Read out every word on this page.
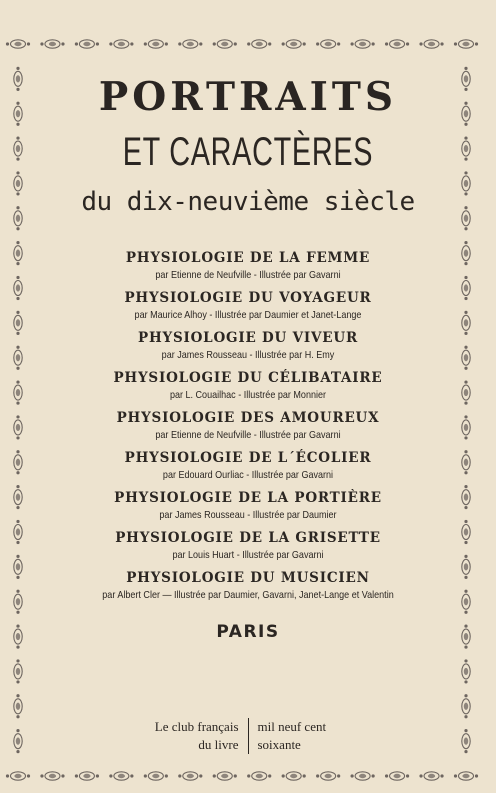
PORTRAITS
ET CARACTÈRES
du dix-neuvième siècle
PHYSIOLOGIE DE LA FEMME
par Etienne de Neufville - Illustrée par Gavarni
PHYSIOLOGIE DU VOYAGEUR
par Maurice Alhoy - Illustrée par Daumier et Janet-Lange
PHYSIOLOGIE DU VIVEUR
par James Rousseau - Illustrée par H. Emy
PHYSIOLOGIE DU CÉLIBATAIRE
par L. Couailhac - Illustrée par Monnier
PHYSIOLOGIE DES AMOUREUX
par Etienne de Neufville - Illustrée par Gavarni
PHYSIOLOGIE DE L´ÉCOLIER
par Edouard Ourliac - Illustrée par Gavarni
PHYSIOLOGIE DE LA PORTIÈRE
par James Rousseau - Illustrée par Daumier
PHYSIOLOGIE DE LA GRISETTE
par Louis Huart - Illustrée par Gavarni
PHYSIOLOGIE DU MUSICIEN
par Albert Cler — Illustrée par Daumier, Gavarni, Janet-Lange et Valentin
PARIS
Le club français
du livre
mil neuf cent
soixante
